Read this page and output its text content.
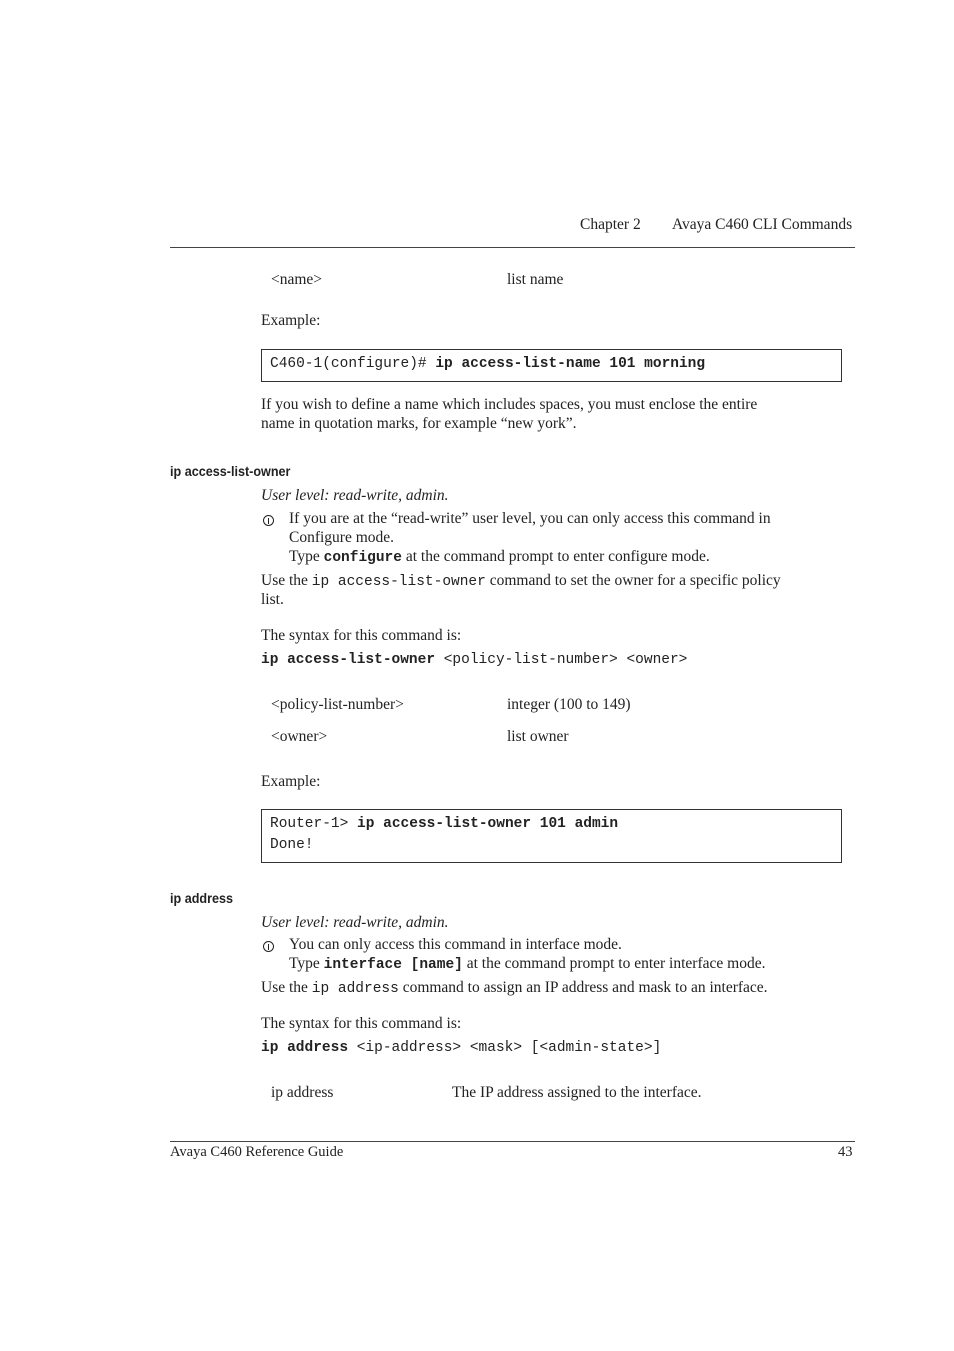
Chapter 2 Avaya C460 CLI Commands
<name>	list name
Example:
C460-1(configure)# ip access-list-name 101 morning
If you wish to define a name which includes spaces, you must enclose the entire
name in quotation marks, for example “new york”.
ip access-list-owner
User level: read-write, admin.
If you are at the “read-write” user level, you can only access this command in
Configure mode.
Type configure at the command prompt to enter configure mode.
Use the ip access-list-owner command to set the owner for a specific policy
list.
The syntax for this command is:
ip access-list-owner <policy-list-number> <owner>
<policy-list-number>	integer (100 to 149)
<owner>	list owner
Example:
Router-1> ip access-list-owner 101 admin
Done!
ip address
User level: read-write, admin.
You can only access this command in interface mode.
Type interface [name] at the command prompt to enter interface mode.
Use the ip address command to assign an IP address and mask to an interface.
The syntax for this command is:
ip address <ip-address> <mask> [<admin-state>]
ip address	The IP address assigned to the interface.
Avaya C460 Reference Guide	43
